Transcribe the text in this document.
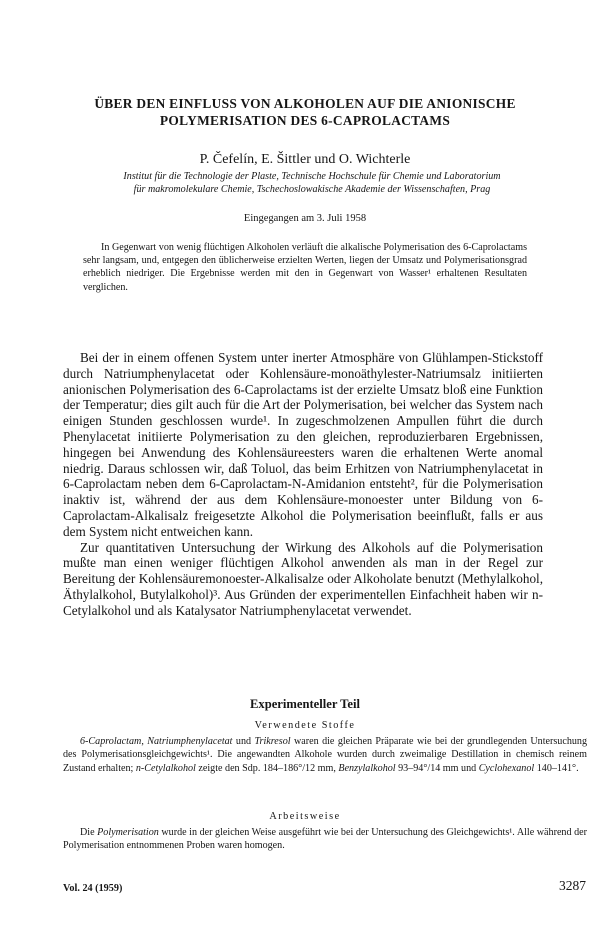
ÜBER DEN EINFLUSS VON ALKOHOLEN AUF DIE ANIONISCHE
POLYMERISATION DES 6-CAPROLACTAMS
P. Čefelín, E. Šittler und O. Wichterle
Institut für die Technologie der Plaste, Technische Hochschule für Chemie und Laboratorium
für makromolekulare Chemie, Tschechoslowakische Akademie der Wissenschaften, Prag
Eingegangen am 3. Juli 1958
In Gegenwart von wenig flüchtigen Alkoholen verläuft die alkalische Polymerisation des 6-Caprolactams sehr langsam, und, entgegen den üblicherweise erzielten Werten, liegen der Umsatz und Polymerisationsgrad erheblich niedriger. Die Ergebnisse werden mit den in Gegenwart von Wasser¹ erhaltenen Resultaten verglichen.

Bei der in einem offenen System unter inerter Atmosphäre von Glühlampen-Stickstoff durch Natriumphenylacetat oder Kohlensäure-monoäthylester-Natriumsalz initiierten anionischen Polymerisation des 6-Caprolactams ist der erzielte Umsatz bloß eine Funktion der Temperatur; dies gilt auch für die Art der Polymerisation, bei welcher das System nach einigen Stunden geschlossen wurde¹. In zugeschmolzenen Ampullen führt die durch Phenylacetat initiierte Polymerisation zu den gleichen, reproduzierbaren Ergebnissen, hingegen bei Anwendung des Kohlensäureesters waren die erhaltenen Werte anomal niedrig. Daraus schlossen wir, daß Toluol, das beim Erhitzen von Natriumphenylacetat in 6-Caprolactam neben dem 6-Caprolactam-N-Amidanion entsteht², für die Polymerisation inaktiv ist, während der aus dem Kohlensäure-monoester unter Bildung von 6-Caprolactam-Alkalisalz freigesetzte Alkohol die Polymerisation beeinflußt, falls er aus dem System nicht entweichen kann.

Zur quantitativen Untersuchung der Wirkung des Alkohols auf die Polymerisation mußte man einen weniger flüchtigen Alkohol anwenden als man in der Regel zur Bereitung der Kohlensäuremonoester-Alkalisalze oder Alkoholate benutzt (Methylalkohol, Äthylalkohol, Butylalkohol)³. Aus Gründen der experimentellen Einfachheit haben wir n-Cetylalkohol und als Katalysator Natriumphenylacetat verwendet.

Experimenteller Teil
Verwendete Stoffe

6-Caprolactam, Natriumphenylacetat und Trikresol waren die gleichen Präparate wie bei der grundlegenden Untersuchung des Polymerisationsgleichgewichts¹. Die angewandten Alkohole wurden durch zweimalige Destillation in chemisch reinem Zustand erhalten; n-Cetylalkohol zeigte den Sdp. 184–186°/12 mm, Benzylalkohol 93–94°/14 mm und Cyclohexanol 140–141°.

Arbeitsweise

Die Polymerisation wurde in der gleichen Weise ausgeführt wie bei der Untersuchung des Gleichgewichts¹. Alle während der Polymerisation entnommenen Proben waren homogen.

Vol. 24 (1959)	3287
